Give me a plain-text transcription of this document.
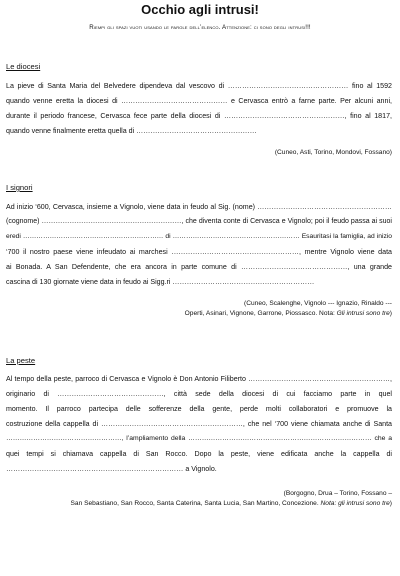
Occhio agli intrusi!
Riempi gli spazi vuoti usando le parole dell’elenco. Attenzione: ci sono degli intrusi!!!
Le diocesi
La pieve di Santa Maria del Belvedere dipendeva dal vescovo di …………………………………………… fino al 1592
quando venne eretta la diocesi di ……………………………………… e Cervasca entrò a farne parte. Per alcuni anni,
durante il periodo francese, Cervasca fece parte della diocesi di ……………………………………………, fino al 1817,
quando venne finalmente eretta quella di ……………………………………………
(Cuneo, Asti, Torino, Mondovi, Fossano)
I signori
Ad inizio ‘600, Cervasca, insieme a Vignolo, viene data in feudo al Sig. (nome) …………………………………………………
(cognome) ……………………………………………………, che diventa conte di Cervasca e Vignolo; poi il feudo passa ai suoi
eredi ……………………………………………………… di ………………………………………………… Esauritasi la famiglia, ad inizio
‘700 il nostro paese viene infeudato ai marchesi ………………………………………………, mentre Vignolo viene data
ai Bonada. A San Defendente, che era ancora in parte comune di ………………………………………, una grande
cascina di 130 giornate viene data in feudo ai Sigg.ri ……………………………………………………
(Cuneo, Scalenghe, Vignolo --- Ignazio, Rinaldo ---
Operti, Asinari, Vignone, Garrone, Piossasco. Nota: Gli intrusi sono tre)
La peste
Al tempo della peste, parroco di Cervasca e Vignolo è Don Antonio Filiberto ……………………………………………………,
originario di ………………………………………, città sede della diocesi di cui facciamo parte in quel
momento. Il parroco partecipa delle sofferenze della gente, perde molti collaboratori e promuove la
costruzione della cappella di ……………………………………………………, che nel ‘700 viene chiamata anche di Santa
……………………………………………, l’ampliamento della ……………………………………………………………………… che a
quei tempi si chiamava cappella di San Rocco. Dopo la peste, viene edificata anche la cappella di
………………………………………………………………… a Vignolo.
(Borgogno, Drua – Torino, Fossano –
San Sebastiano, San Rocco, Santa Caterina, Santa Lucia, San Martino, Concezione. Nota: gli intrusi sono tre)
